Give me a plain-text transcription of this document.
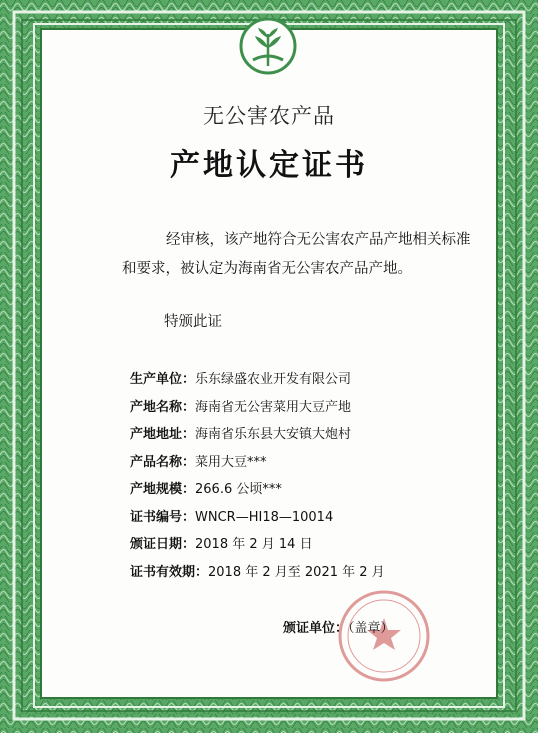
无公害农产品
产地认定证书
经审核，该产地符合无公害农产品产地相关标准和要求，被认定为海南省无公害农产品产地。
特颁此证
生产单位：乐东绿盛农业开发有限公司
产地名称：海南省无公害菜用大豆产地
产地地址：海南省乐东县大安镇大炮村
产品名称：菜用大豆***
产地规模：266.6 公顷***
证书编号：WNCR—HI18—10014
颁证日期：2018 年 2 月 14 日
证书有效期：2018 年 2 月至 2021 年 2 月
颁证单位：（盖章）
